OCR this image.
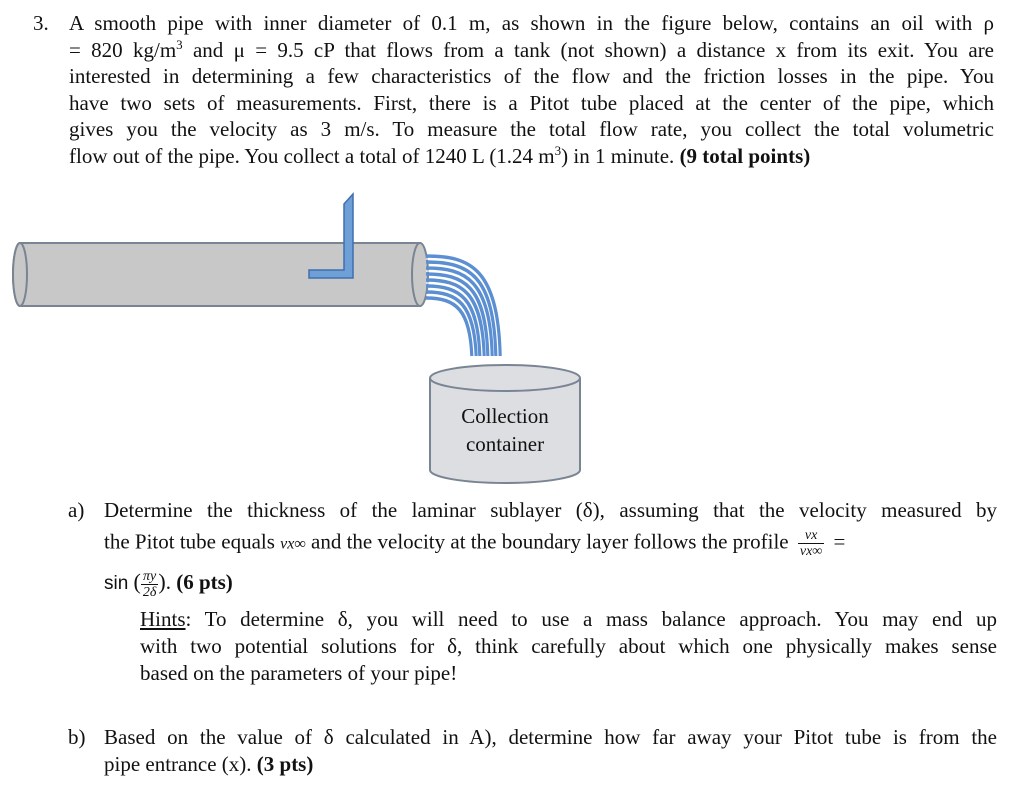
3. A smooth pipe with inner diameter of 0.1 m, as shown in the figure below, contains an oil with ρ
= 820 $kg/m^3$ and μ = 9.5 cP that flows from a tank (not shown) a distance x from its exit. You are
interested in determining a few characteristics of the flow and the friction losses in the pipe. You
have two sets of measurements. First, there is a Pitot tube placed at the center of the pipe, which
gives you the velocity as 3 m/s. To measure the total flow rate, you collect the total volumetric
flow out of the pipe. You collect a total of 1240 L (1.24 $m^3$) in 1 minute. (9 total points)
Collection
container
a) Determine the thickness of the laminar sublayer (δ), assuming that the velocity measured by
the Pitot tube equals vx∞ and the velocity at the boundary layer follows the profile $\frac{vx}{vx\infty}$ =
sin ( $\frac{\pi y}{2\delta}$ ). (6 pts)
Hints: To determine δ, you will need to use a mass balance approach. You may end up
with two potential solutions for δ, think carefully about which one physically makes sense
based on the parameters of your pipe!
b) Based on the value of δ calculated in A), determine how far away your Pitot tube is from the
pipe entrance (x). (3 pts)
